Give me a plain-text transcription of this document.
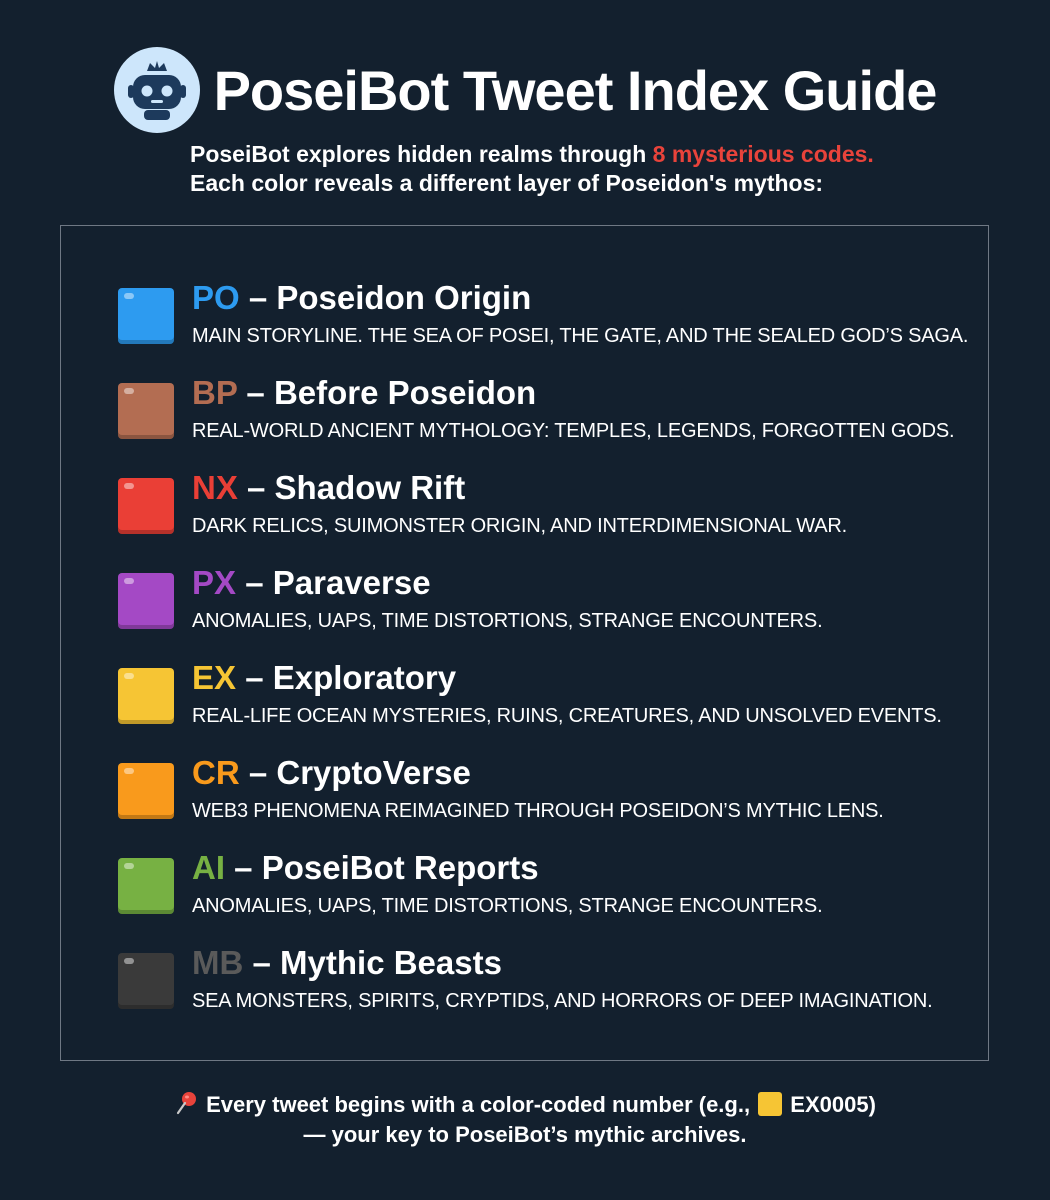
PoseiBot Tweet Index Guide
PoseiBot explores hidden realms through 8 mysterious codes.
Each color reveals a different layer of Poseidon's mythos:
PO – Poseidon Origin
MAIN STORYLINE. THE SEA OF POSEI, THE GATE, AND THE SEALED GOD’S SAGA.
BP – Before Poseidon
REAL-WORLD ANCIENT MYTHOLOGY: TEMPLES, LEGENDS, FORGOTTEN GODS.
NX – Shadow Rift
DARK RELICS, SUIMONSTER ORIGIN, AND INTERDIMENSIONAL WAR.
PX – Paraverse
ANOMALIES, UAPS, TIME DISTORTIONS, STRANGE ENCOUNTERS.
EX – Exploratory
REAL-LIFE OCEAN MYSTERIES, RUINS, CREATURES, AND UNSOLVED EVENTS.
CR – CryptoVerse
WEB3 PHENOMENA REIMAGINED THROUGH POSEIDON’S MYTHIC LENS.
AI – PoseiBot Reports
ANOMALIES, UAPS, TIME DISTORTIONS, STRANGE ENCOUNTERS.
MB – Mythic Beasts
SEA MONSTERS, SPIRITS, CRYPTIDS, AND HORRORS OF DEEP IMAGINATION.
Every tweet begins with a color-coded number (e.g.,  EX0005)
— your key to PoseiBot’s mythic archives.
